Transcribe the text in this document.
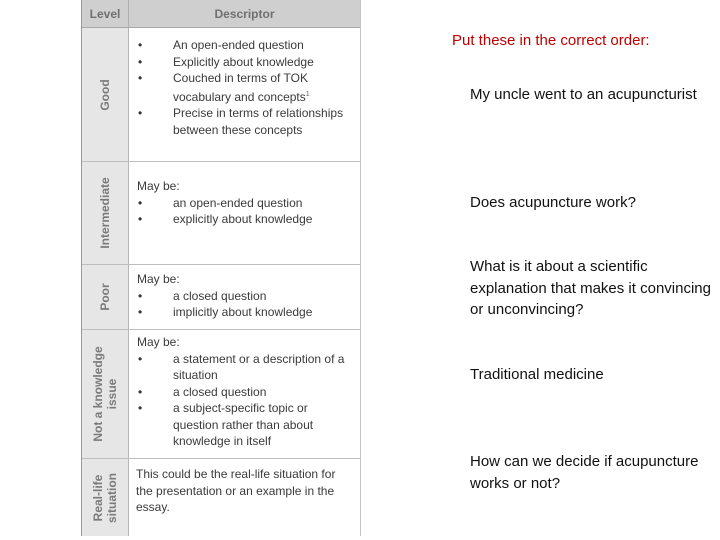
Level	Descriptor
Good
• An open-ended question
• Explicitly about knowledge
• Couched in terms of TOK vocabulary and concepts$^1$
• Precise in terms of relationships between these concepts
Intermediate May be:

• an open-ended question
• explicitly about knowledge
Poor

May be:

• a closed question
• implicitly about knowledge
Not a knowledge issue

May be:

• a statement or a description of a situation
• a closed question
• a subject-specific topic or question rather than about knowledge in itself
Real-life situation This could be the real-life situation for the presentation or an example in the essay.

Put these in the correct order:
My uncle went to an acupuncturist
Does acupuncture work?
What is it about a scientific explanation that makes it convincing or unconvincing?
Traditional medicine
How can we decide if acupuncture works or not?
